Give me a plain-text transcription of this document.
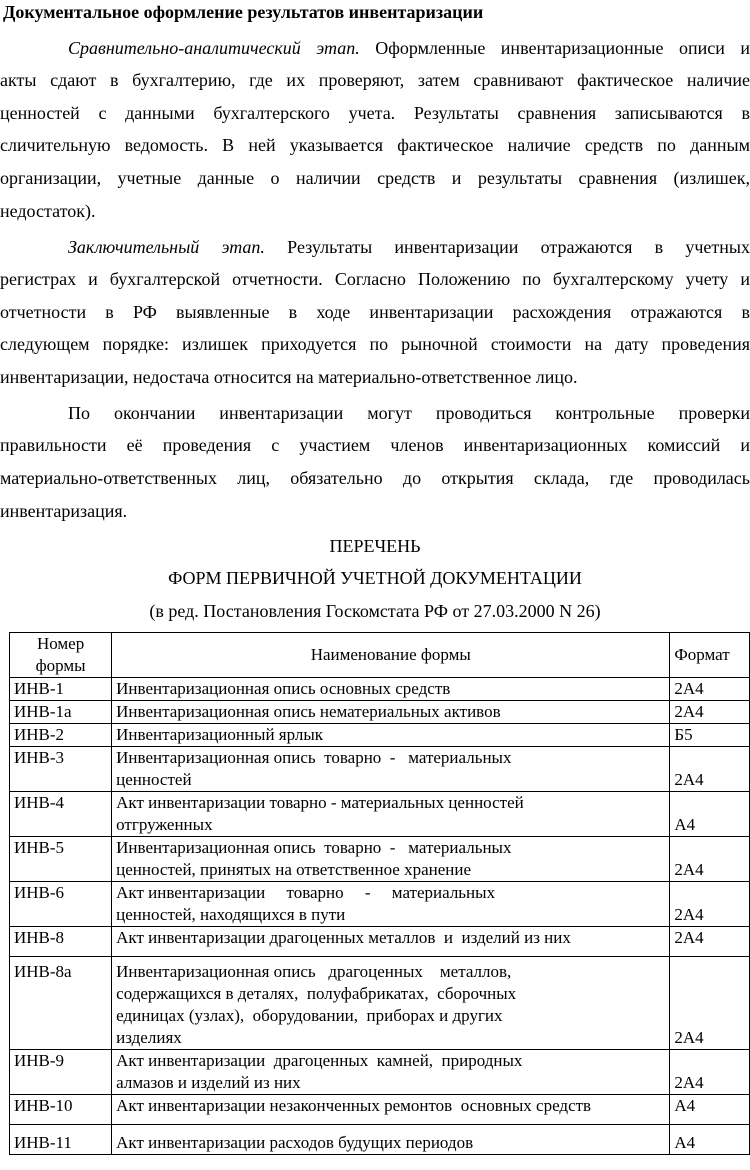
Документальное оформление результатов инвентаризации
Сравнительно-аналитический этап. Оформленные инвентаризационные описи и
акты сдают в бухгалтерию, где их проверяют, затем сравнивают фактическое наличие
ценностей с данными бухгалтерского учета. Результаты сравнения записываются в
сличительную ведомость. В ней указывается фактическое наличие средств по данным
организации, учетные данные о наличии средств и результаты сравнения (излишек,
недостаток).
Заключительный этап. Результаты инвентаризации отражаются в учетных
регистрах и бухгалтерской отчетности. Согласно Положению по бухгалтерскому учету и
отчетности в РФ выявленные в ходе инвентаризации расхождения отражаются в
следующем порядке: излишек приходуется по рыночной стоимости на дату проведения
инвентаризации, недостача относится на материально-ответственное лицо.
По окончании инвентаризации могут проводиться контрольные проверки
правильности её проведения с участием членов инвентаризационных комиссий и
материально-ответственных лиц, обязательно до открытия склада, где проводилась
инвентаризация.
ПЕРЕЧЕНЬ
ФОРМ ПЕРВИЧНОЙ УЧЕТНОЙ ДОКУМЕНТАЦИИ
(в ред. Постановления Госкомстата РФ от 27.03.2000 N 26)
Номер
формы	Наименование формы	Формат
ИНВ-1	Инвентаризационная опись основных средств	2А4
ИНВ-1а	Инвентаризационная опись нематериальных активов	2А4
ИНВ-2	Инвентаризационный ярлык	Б5
ИНВ-3	Инвентаризационная опись  товарно  -   материальных
ценностей	2А4
ИНВ-4	Акт инвентаризации товарно - материальных ценностей
отгруженных	А4
ИНВ-5	Инвентаризационная опись  товарно  -   материальных
ценностей, принятых на ответственное хранение	2А4
ИНВ-6	Акт инвентаризации     товарно     -     материальных
ценностей, находящихся в пути	2А4
ИНВ-8	Акт инвентаризации драгоценных металлов  и  изделий из них	2А4
ИНВ-8а	Инвентаризационная опись   драгоценных    металлов,
содержащихся в деталях,  полуфабрикатах,  сборочных
единицах (узлах),  оборудовании,  приборах и других
изделиях	2А4
ИНВ-9	Акт инвентаризации  драгоценных  камней,  природных
алмазов и изделий из них	2А4
ИНВ-10	Акт инвентаризации незаконченных ремонтов  основных средств	А4
ИНВ-11	Акт инвентаризации расходов будущих периодов	А4
